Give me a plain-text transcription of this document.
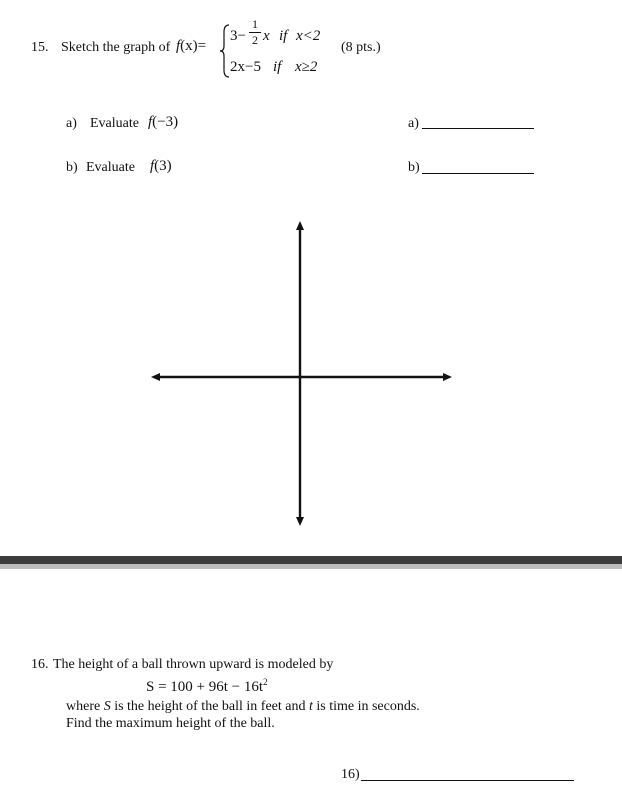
15. Sketch the graph of f(x)=
3−
1
2 x if x<2
2x−5 if x≥2
(8 pts.)
a) Evaluate f(−3)	a)
b) Evaluate f(3)	b)
16. The height of a ball thrown upward is modeled by
$S = 100 + 96t - 16t^2$
where S is the height of the ball in feet and t is time in seconds.
Find the maximum height of the ball.
16)
